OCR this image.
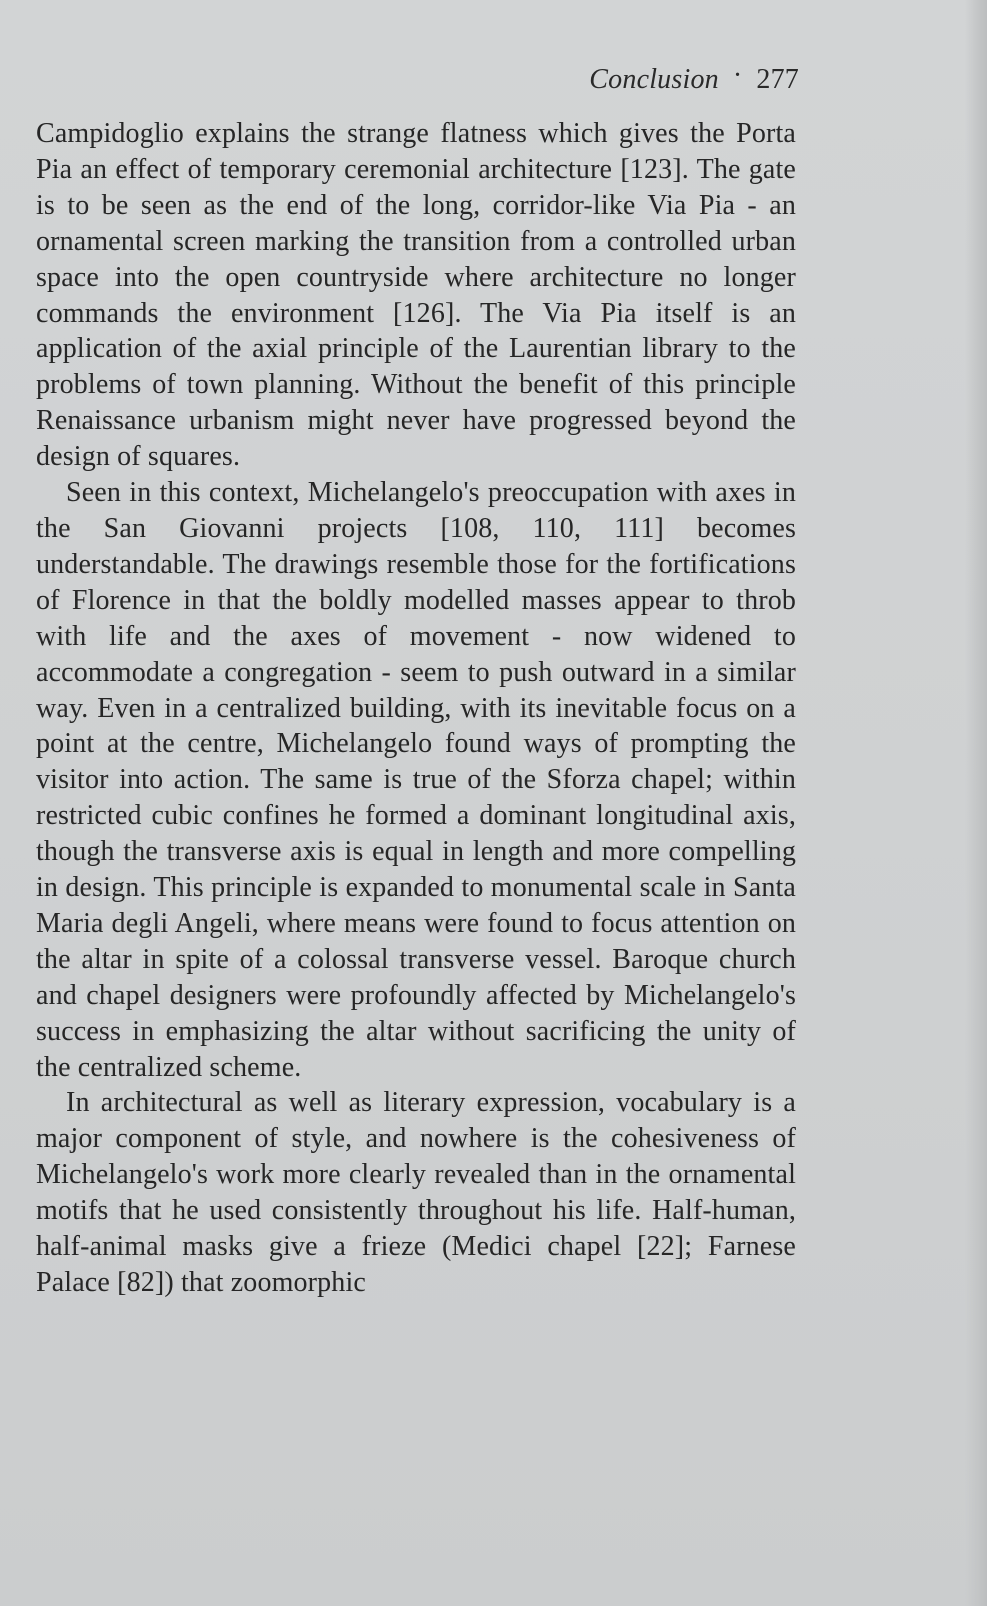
Conclusion · 277

Campidoglio explains the strange flatness which gives the Porta Pia an effect of temporary ceremonial architecture [123]. The gate is to be seen as the end of the long, corridor-like Via Pia - an ornamental screen marking the transition from a controlled urban space into the open countryside where architecture no longer commands the environment [126]. The Via Pia itself is an application of the axial principle of the Laurentian library to the problems of town planning. Without the benefit of this principle Renaissance urbanism might never have progressed beyond the design of squares.

Seen in this context, Michelangelo's preoccupation with axes in the San Giovanni projects [108, 110, 111] becomes understandable. The drawings resemble those for the fortifications of Florence in that the boldly modelled masses appear to throb with life and the axes of movement - now widened to accommodate a congregation - seem to push outward in a similar way. Even in a centralized building, with its inevitable focus on a point at the centre, Michelangelo found ways of prompting the visitor into action. The same is true of the Sforza chapel; within restricted cubic confines he formed a dominant longitudinal axis, though the transverse axis is equal in length and more compelling in design. This principle is expanded to monumental scale in Santa Maria degli Angeli, where means were found to focus attention on the altar in spite of a colossal transverse vessel. Baroque church and chapel designers were profoundly affected by Michelangelo's success in emphasizing the altar without sacrificing the unity of the centralized scheme.

In architectural as well as literary expression, vocabulary is a major component of style, and nowhere is the cohesiveness of Michelangelo's work more clearly revealed than in the ornamental motifs that he used consistently throughout his life. Half-human, half-animal masks give a frieze (Medici chapel [22]; Farnese Palace [82]) that zoomorphic
